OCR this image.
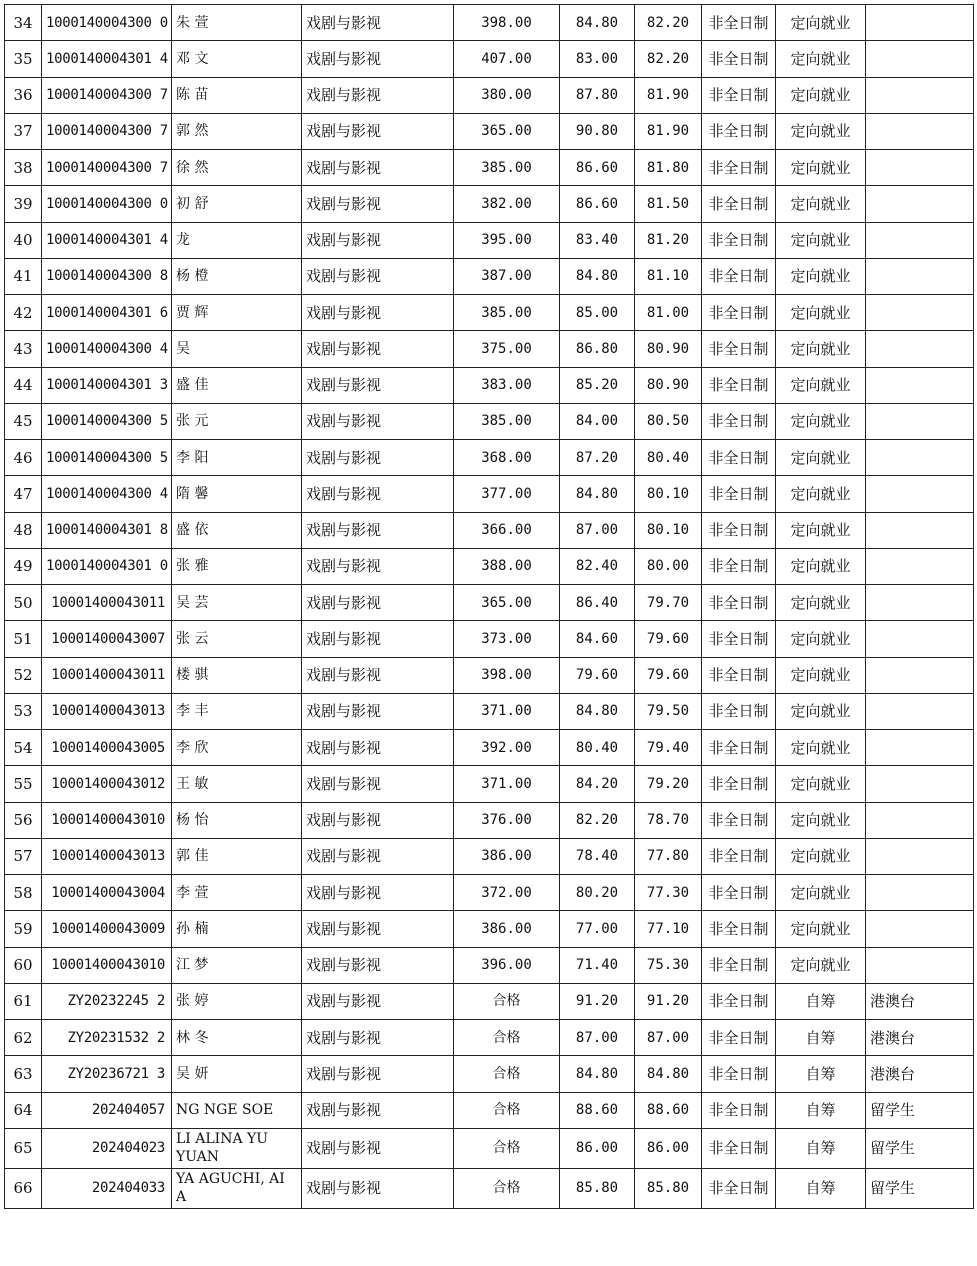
34	1000140004300 0	朱 萱	戏剧与影视	398.00	84.80	82.20	非全日制	定向就业	
35	1000140004301 4	邓 文	戏剧与影视	407.00	83.00	82.20	非全日制	定向就业	
36	1000140004300 7	陈 苗	戏剧与影视	380.00	87.80	81.90	非全日制	定向就业	
37	1000140004300 7	郭 然	戏剧与影视	365.00	90.80	81.90	非全日制	定向就业	
38	1000140004300 7	徐 然	戏剧与影视	385.00	86.60	81.80	非全日制	定向就业	
39	1000140004300 0	初 舒	戏剧与影视	382.00	86.60	81.50	非全日制	定向就业	
40	1000140004301 4	龙	戏剧与影视	395.00	83.40	81.20	非全日制	定向就业	
41	1000140004300 8	杨 橙	戏剧与影视	387.00	84.80	81.10	非全日制	定向就业	
42	1000140004301 6	贾 辉	戏剧与影视	385.00	85.00	81.00	非全日制	定向就业	
43	1000140004300 4	吴	戏剧与影视	375.00	86.80	80.90	非全日制	定向就业	
44	1000140004301 3	盛 佳	戏剧与影视	383.00	85.20	80.90	非全日制	定向就业	
45	1000140004300 5	张 元	戏剧与影视	385.00	84.00	80.50	非全日制	定向就业	
46	1000140004300 5	李 阳	戏剧与影视	368.00	87.20	80.40	非全日制	定向就业	
47	1000140004300 4	隋 馨	戏剧与影视	377.00	84.80	80.10	非全日制	定向就业	
48	1000140004301 8	盛 依	戏剧与影视	366.00	87.00	80.10	非全日制	定向就业	
49	1000140004301 0	张 雅	戏剧与影视	388.00	82.40	80.00	非全日制	定向就业	
50	10001400043011	吴 芸	戏剧与影视	365.00	86.40	79.70	非全日制	定向就业	
51	10001400043007	张 云	戏剧与影视	373.00	84.60	79.60	非全日制	定向就业	
52	10001400043011	楼 骐	戏剧与影视	398.00	79.60	79.60	非全日制	定向就业	
53	10001400043013	李 丰	戏剧与影视	371.00	84.80	79.50	非全日制	定向就业	
54	10001400043005	李 欣	戏剧与影视	392.00	80.40	79.40	非全日制	定向就业	
55	10001400043012	王 敏	戏剧与影视	371.00	84.20	79.20	非全日制	定向就业	
56	10001400043010	杨 怡	戏剧与影视	376.00	82.20	78.70	非全日制	定向就业	
57	10001400043013	郭 佳	戏剧与影视	386.00	78.40	77.80	非全日制	定向就业	
58	10001400043004	李 萱	戏剧与影视	372.00	80.20	77.30	非全日制	定向就业	
59	10001400043009	孙 楠	戏剧与影视	386.00	77.00	77.10	非全日制	定向就业	
60	10001400043010	江 梦	戏剧与影视	396.00	71.40	75.30	非全日制	定向就业	
61	ZY20232245 2	张 婷	戏剧与影视	合格	91.20	91.20	非全日制	自筹	港澳台
62	ZY20231532 2	林 冬	戏剧与影视	合格	87.00	87.00	非全日制	自筹	港澳台
63	ZY20236721 3	吴 妍	戏剧与影视	合格	84.80	84.80	非全日制	自筹	港澳台
64	202404057	NG NGE SOE	戏剧与影视	合格	88.60	88.60	非全日制	自筹	留学生
65	202404023	LI ALINA YU YUAN	戏剧与影视	合格	86.00	86.00	非全日制	自筹	留学生
66	202404033	YA AGUCHI, AI A	戏剧与影视	合格	85.80	85.80	非全日制	自筹	留学生
